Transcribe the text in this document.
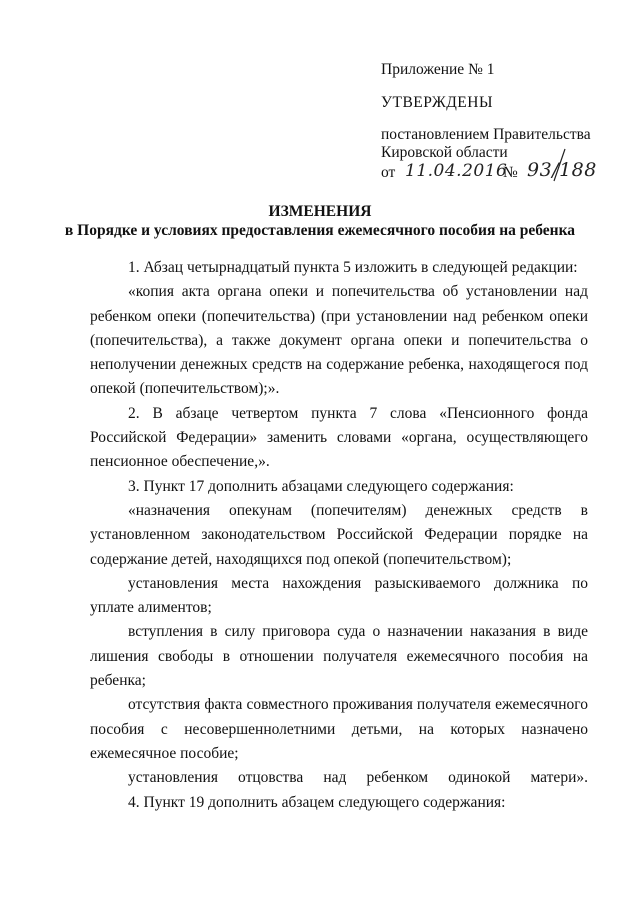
Приложение № 1
УТВЕРЖДЕНЫ
постановлением Правительства
Кировской области
от 11.04.2016
№ 93/188
ИЗМЕНЕНИЯ
в Порядке и условиях предоставления ежемесячного пособия на ребенка

1. Абзац четырнадцатый пункта 5 изложить в следующей редакции:

«копия акта органа опеки и попечительства об установлении над ребенком опеки (попечительства) (при установлении над ребенком опеки (попечительства), а также документ органа опеки и попечительства о неполучении денежных средств на содержание ребенка, находящегося под опекой (попечительством);».

2. В абзаце четвертом пункта 7 слова «Пенсионного фонда Российской Федерации» заменить словами «органа, осуществляющего пенсионное обеспечение,».

3. Пункт 17 дополнить абзацами следующего содержания:

«назначения опекунам (попечителям) денежных средств в установленном законодательством Российской Федерации порядке на содержание детей, находящихся под опекой (попечительством);

установления места нахождения разыскиваемого должника по уплате алиментов;

вступления в силу приговора суда о назначении наказания в виде лишения свободы в отношении получателя ежемесячного пособия на ребенка;

отсутствия факта совместного проживания получателя ежемесячного пособия с несовершеннолетними детьми, на которых назначено ежемесячное пособие;

установления отцовства над ребенком одинокой матери».

4. Пункт 19 дополнить абзацем следующего содержания:
